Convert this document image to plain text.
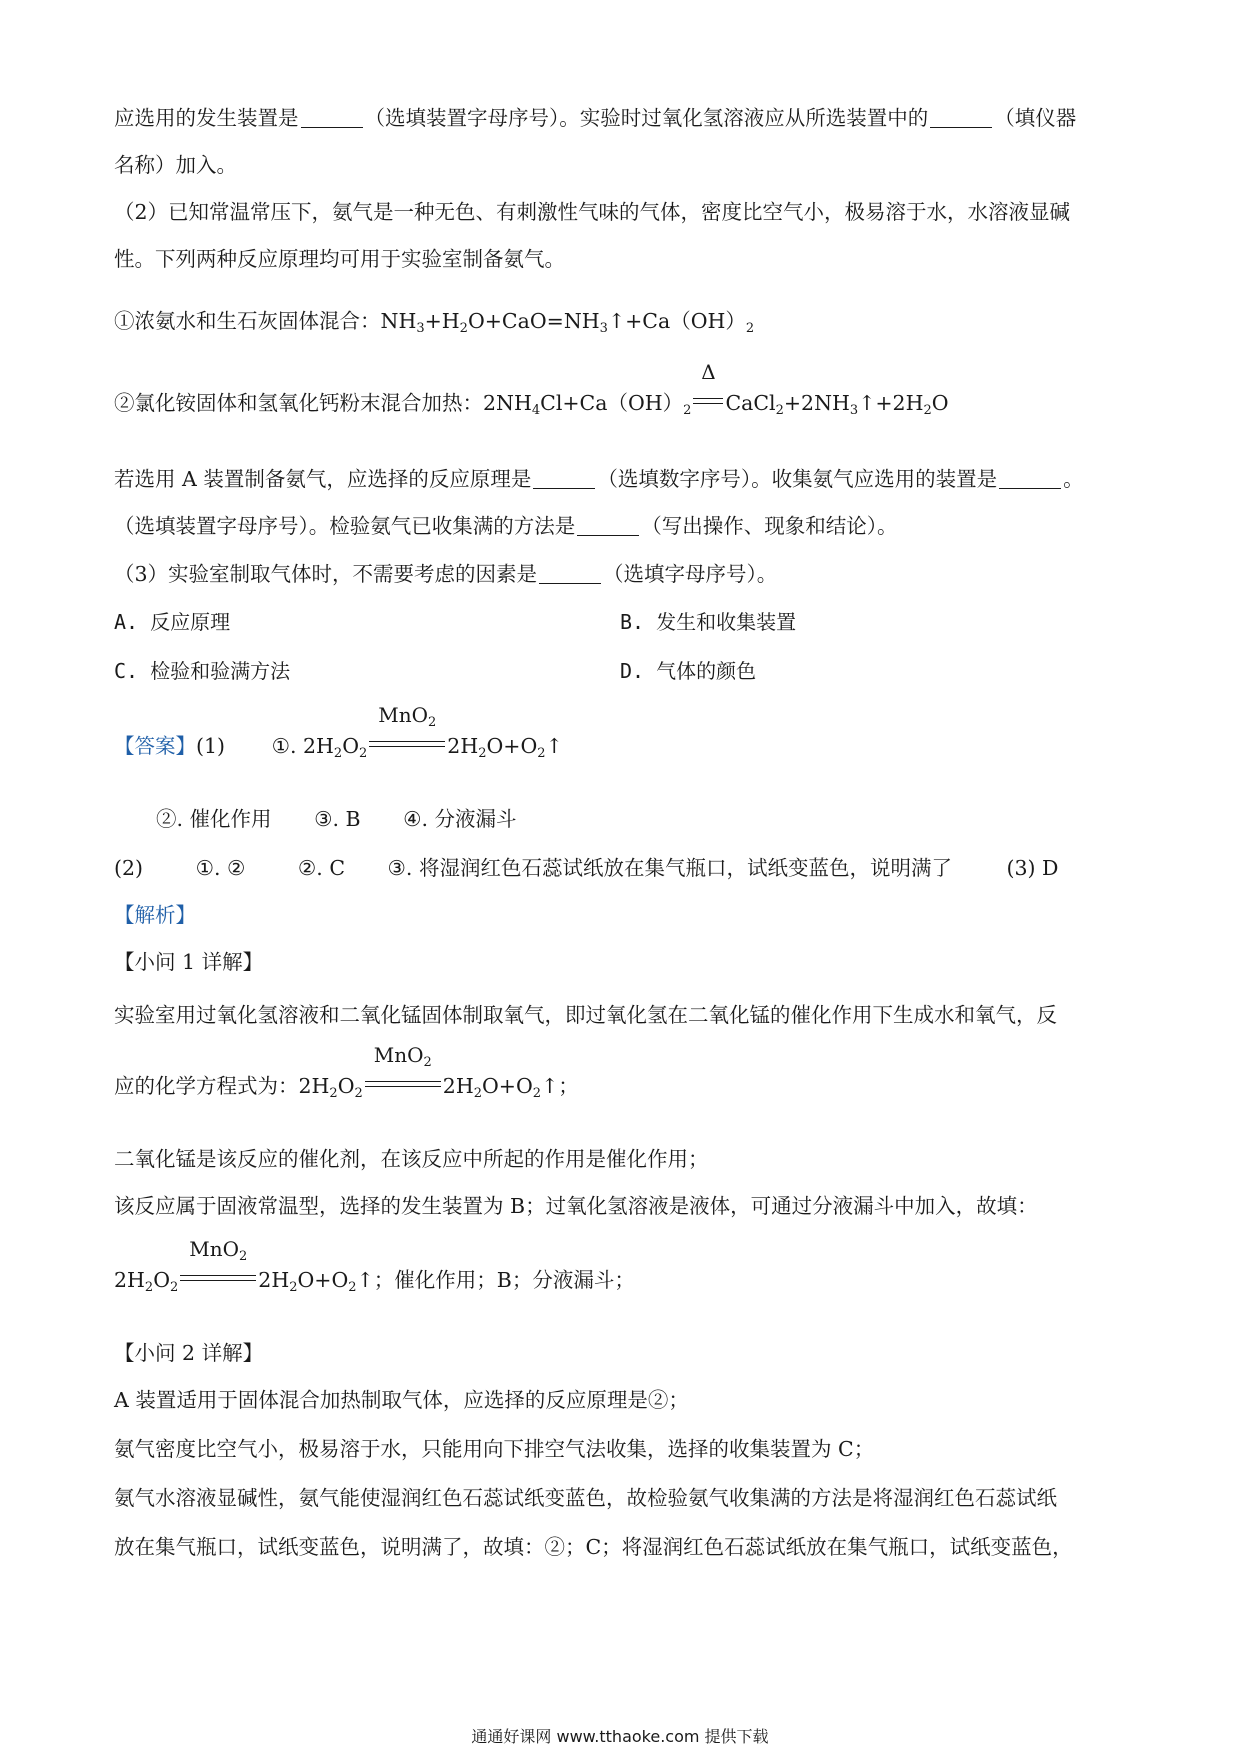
应选用的发生装置是	（选填装置字母序号）。实验时过氧化氢溶液应从所选装置中的	（填仪器
名称）加入。
（2）已知常温常压下，氨气是一种无色、有刺激性气味的气体，密度比空气小，极易溶于水，水溶液显碱
性。下列两种反应原理均可用于实验室制备氨气。
①浓氨水和生石灰固体混合：$NH_3+H_2O+CaO=NH_3↑+Ca(OH)_2$
②氯化铵固体和氢氧化钙粉末混合加热：$2NH_4Cl+Ca(OH)_2$
Δ
$CaCl_2+2NH_3↑+2H_2O$
若选用 A 装置制备氨气，应选择的反应原理是	（选填数字序号）。收集氨气应选用的装置是	。
（选填装置字母序号）。检验氨气已收集满的方法是	（写出操作、现象和结论）。
（3）实验室制取气体时，不需要考虑的因素是	（选填字母序号）。
A. 反应原理	B. 发生和收集装置
C. 检验和验满方法	D. 气体的颜色
【答案】(1) ①. $2H_2O_2$
MnO$_2$
$2H_2O+O_2↑$
②. 催化作用 ③. B ④. 分液漏斗
(2)	①. ②	②. C ③. 将湿润红色石蕊试纸放在集气瓶口，试纸变蓝色，说明满了	(3) D
【解析】
【小问 1 详解】
实验室用过氧化氢溶液和二氧化锰固体制取氧气，即过氧化氢在二氧化锰的催化作用下生成水和氧气，反
应的化学方程式为：$2H_2O_2$
MnO$_2$
$2H_2O+O_2↑$；
二氧化锰是该反应的催化剂，在该反应中所起的作用是催化作用；
该反应属于固液常温型，选择的发生装置为 B；过氧化氢溶液是液体，可通过分液漏斗中加入，故填：
$2H_2O_2$
MnO$_2$
$2H_2O+O_2↑$；催化作用；B；分液漏斗；
【小问 2 详解】
A 装置适用于固体混合加热制取气体，应选择的反应原理是②；
氨气密度比空气小，极易溶于水，只能用向下排空气法收集，选择的收集装置为 C；
氨气水溶液显碱性，氨气能使湿润红色石蕊试纸变蓝色，故检验氨气收集满的方法是将湿润红色石蕊试纸
放在集气瓶口，试纸变蓝色，说明满了，故填：②；C；将湿润红色石蕊试纸放在集气瓶口，试纸变蓝色，
通通好课网 www.tthaoke.com 提供下载
